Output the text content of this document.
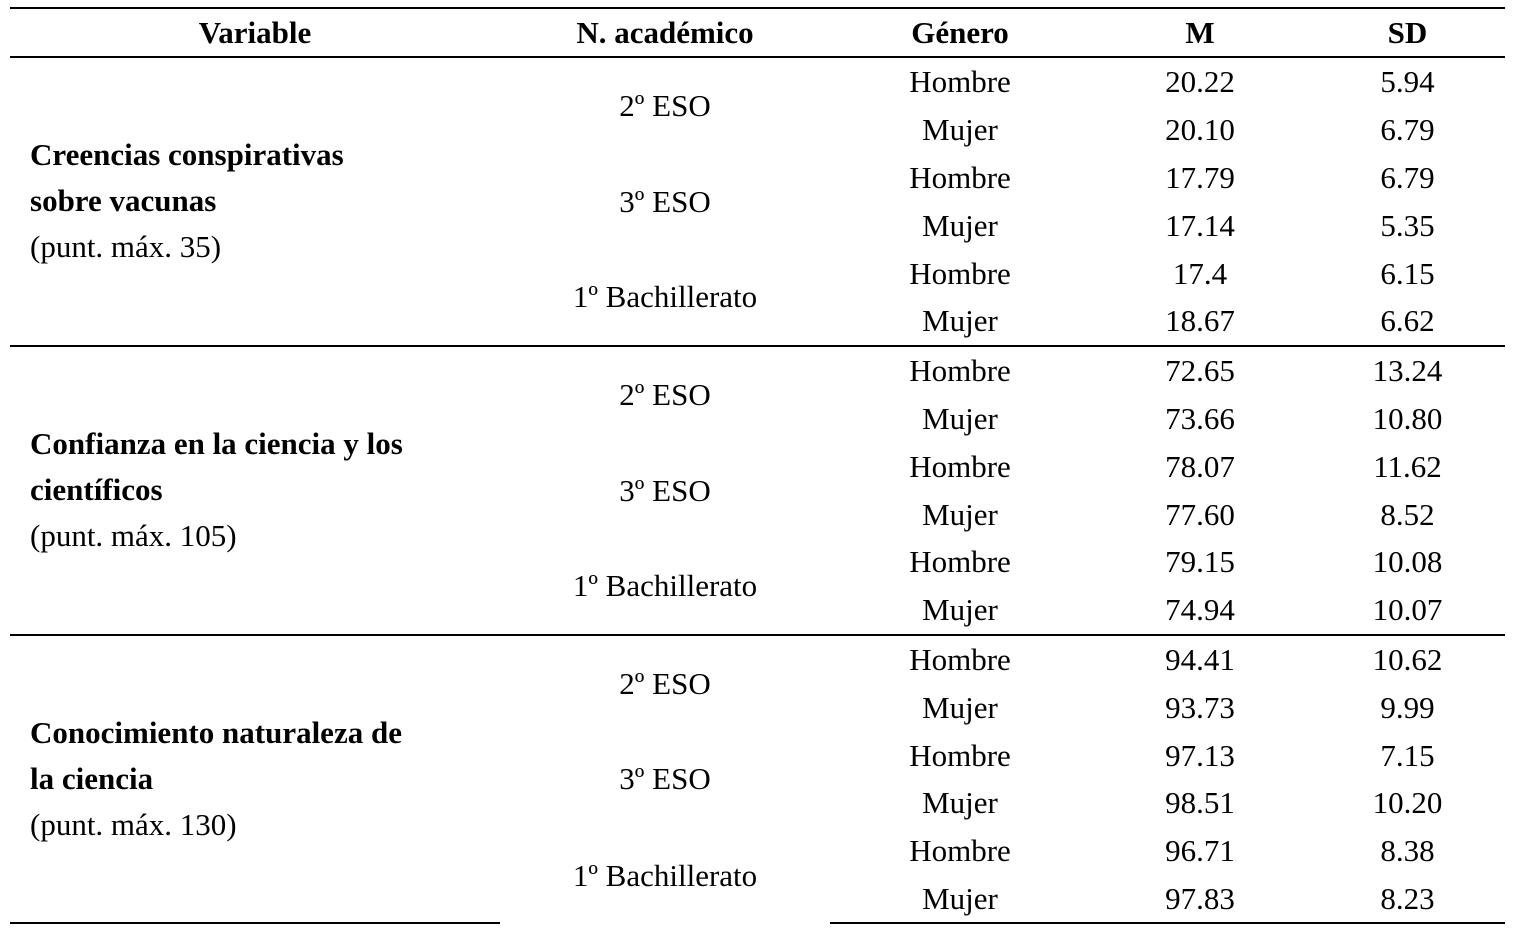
Variable	N. académico	Género	M	SD

Creencias conspirativas
sobre vacunas
(punt. máx. 35)	2º ESO	Hombre	20.22	5.94
		Mujer	20.10	6.79
	3º ESO	Hombre	17.79	6.79
		Mujer	17.14	5.35
	1º Bachillerato	Hombre	17.4	6.15
		Mujer	18.67	6.62

Confianza en la ciencia y los
científicos
(punt. máx. 105)	2º ESO	Hombre	72.65	13.24
		Mujer	73.66	10.80
	3º ESO	Hombre	78.07	11.62
		Mujer	77.60	8.52
	1º Bachillerato	Hombre	79.15	10.08
		Mujer	74.94	10.07

Conocimiento naturaleza de
la ciencia
(punt. máx. 130)	2º ESO	Hombre	94.41	10.62
		Mujer	93.73	9.99
	3º ESO	Hombre	97.13	7.15
		Mujer	98.51	10.20
	1º Bachillerato	Hombre	96.71	8.38
		Mujer	97.83	8.23
